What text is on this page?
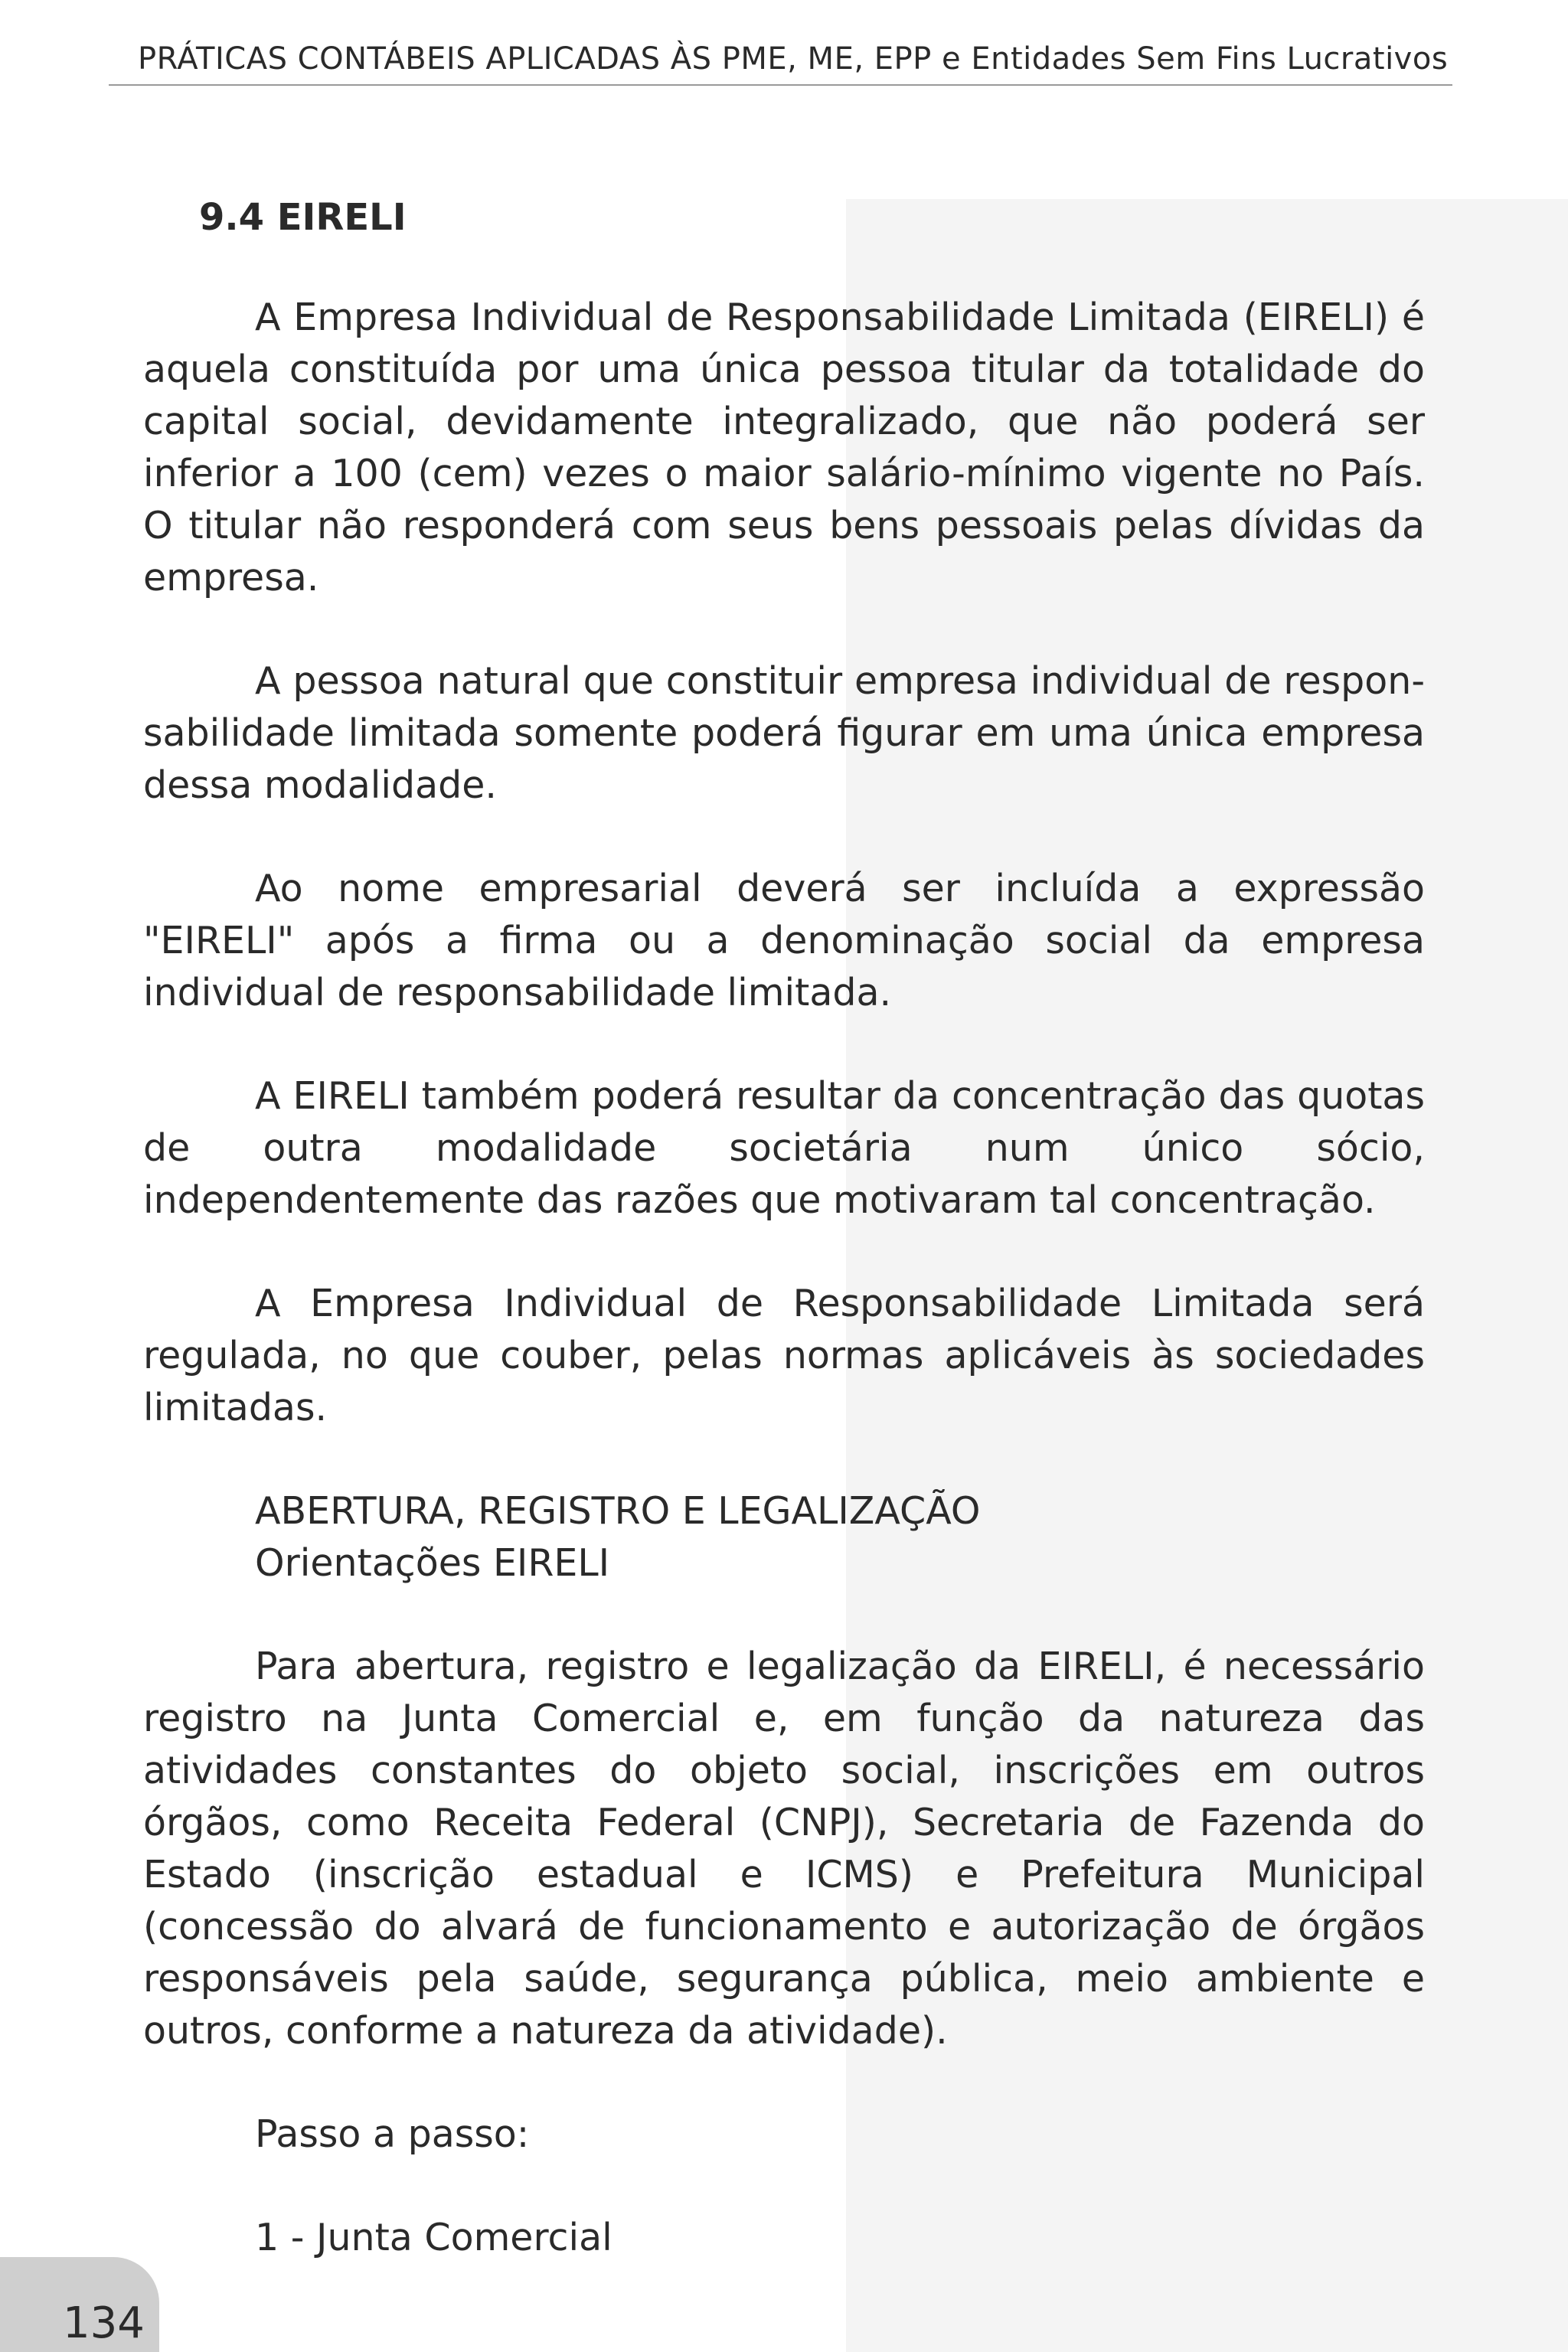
PRÁTICAS CONTÁBEIS APLICADAS ÀS PME, ME, EPP e Entidades Sem Fins Lucrativos
9.4 EIRELI

A Empresa Individual de Responsabilidade Limitada (EIRELI) é aquela constituída por uma única pessoa titular da totalidade do capital social, devidamente integralizado, que não poderá ser inferior a 100 (cem) vezes o maior salário-mínimo vigente no País. O titular não responderá com seus bens pessoais pelas dívidas da empresa.

A pessoa natural que constituir empresa individual de responsabilidade limitada somente poderá figurar em uma única empresa dessa modalidade.

Ao nome empresarial deverá ser incluída a expressão "EIRELI" após a firma ou a denominação social da empresa individual de responsabilidade limitada.

A EIRELI também poderá resultar da concentração das quotas de outra modalidade societária num único sócio, independentemente das razões que motivaram tal concentração.

A Empresa Individual de Responsabilidade Limitada será regulada, no que couber, pelas normas aplicáveis às sociedades limitadas.

ABERTURA, REGISTRO E LEGALIZAÇÃO
Orientações EIRELI

Para abertura, registro e legalização da EIRELI, é necessário registro na Junta Comercial e, em função da natureza das atividades constantes do objeto social, inscrições em outros órgãos, como Receita Federal (CNPJ), Secretaria de Fazenda do Estado (inscrição estadual e ICMS) e Prefeitura Municipal (concessão do alvará de funcionamento e autorização de órgãos responsáveis pela saúde, segurança pública, meio ambiente e outros, conforme a natureza da atividade).

Passo a passo:
1 - Junta Comercial
134
